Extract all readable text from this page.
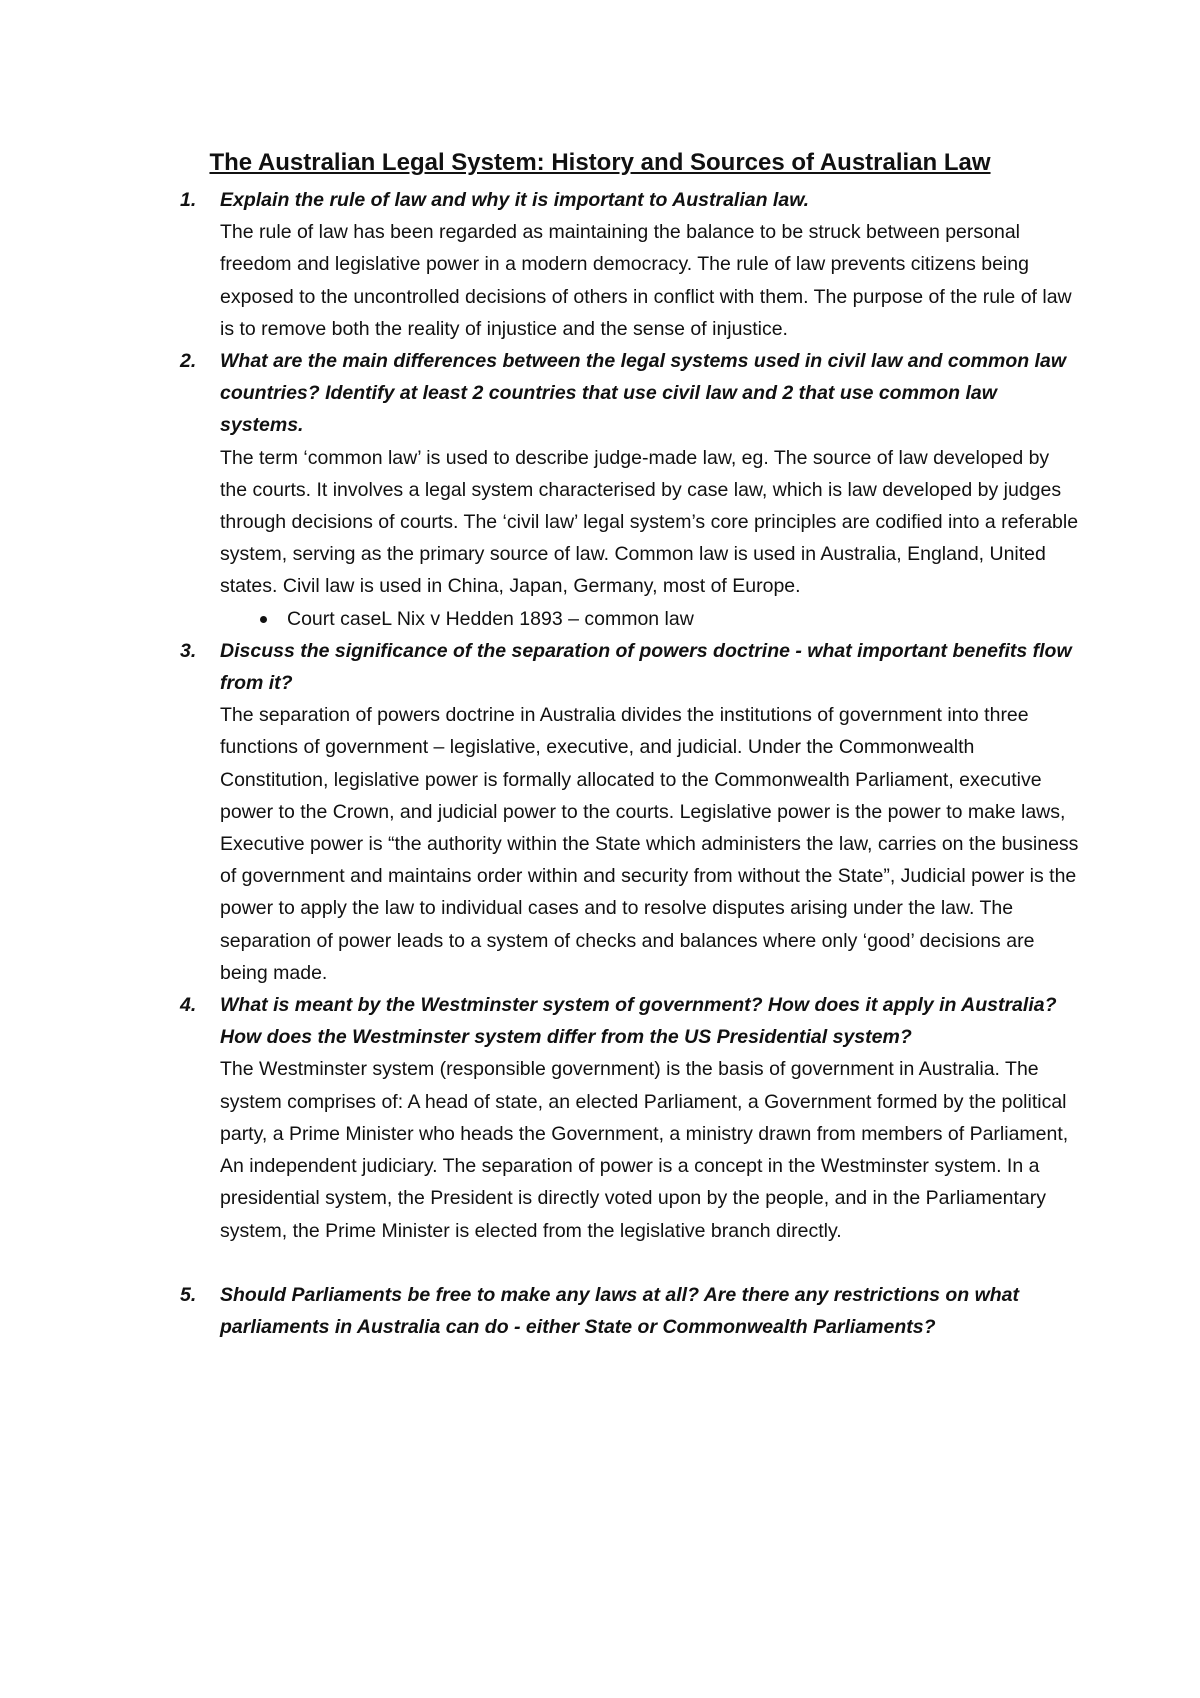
The Australian Legal System: History and Sources of Australian Law
1. Explain the rule of law and why it is important to Australian law.
The rule of law has been regarded as maintaining the balance to be struck between personal freedom and legislative power in a modern democracy. The rule of law prevents citizens being exposed to the uncontrolled decisions of others in conflict with them. The purpose of the rule of law is to remove both the reality of injustice and the sense of injustice.
2. What are the main differences between the legal systems used in civil law and common law countries? Identify at least 2 countries that use civil law and 2 that use common law systems.
The term ‘common law’ is used to describe judge-made law, eg. The source of law developed by the courts. It involves a legal system characterised by case law, which is law developed by judges through decisions of courts. The ‘civil law’ legal system’s core principles are codified into a referable system, serving as the primary source of law. Common law is used in Australia, England, United states. Civil law is used in China, Japan, Germany, most of Europe.
Court caseL Nix v Hedden 1893 – common law
3. Discuss the significance of the separation of powers doctrine - what important benefits flow from it?
The separation of powers doctrine in Australia divides the institutions of government into three functions of government – legislative, executive, and judicial. Under the Commonwealth Constitution, legislative power is formally allocated to the Commonwealth Parliament, executive power to the Crown, and judicial power to the courts. Legislative power is the power to make laws, Executive power is “the authority within the State which administers the law, carries on the business of government and maintains order within and security from without the State”, Judicial power is the power to apply the law to individual cases and to resolve disputes arising under the law. The separation of power leads to a system of checks and balances where only ‘good’ decisions are being made.
4. What is meant by the Westminster system of government? How does it apply in Australia? How does the Westminster system differ from the US Presidential system?
The Westminster system (responsible government) is the basis of government in Australia. The system comprises of: A head of state, an elected Parliament, a Government formed by the political party, a Prime Minister who heads the Government, a ministry drawn from members of Parliament, An independent judiciary. The separation of power is a concept in the Westminster system. In a presidential system, the President is directly voted upon by the people, and in the Parliamentary system, the Prime Minister is elected from the legislative branch directly.
5. Should Parliaments be free to make any laws at all? Are there any restrictions on what parliaments in Australia can do - either State or Commonwealth Parliaments?
